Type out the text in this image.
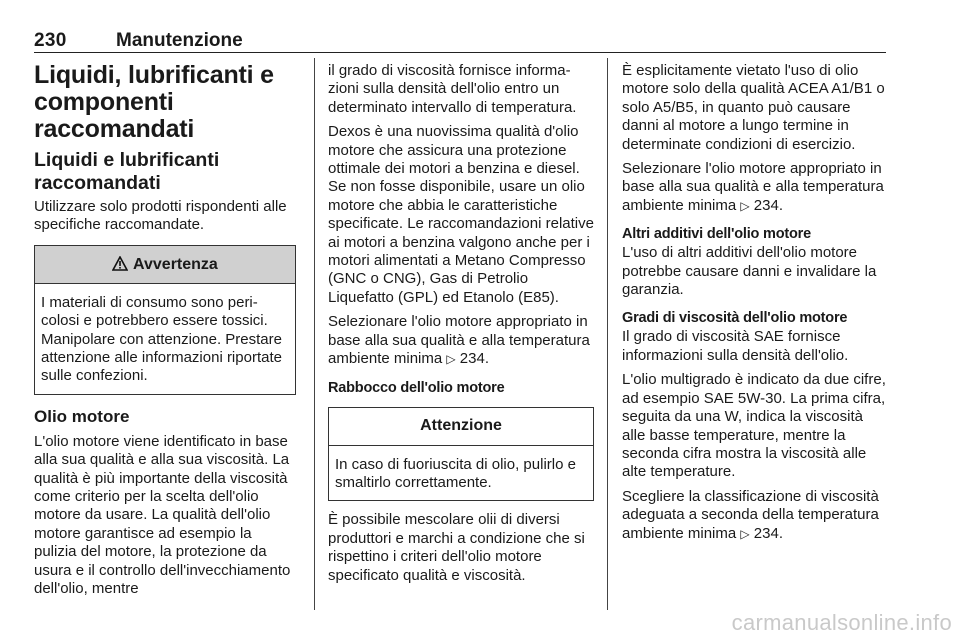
230	Manutenzione
Liquidi, lubrificanti e componenti raccomandati
Liquidi e lubrificanti raccomandati

Utilizzare solo prodotti rispondenti alle specifiche raccomandate.

Avvertenza

I materiali di consumo sono pericolosi e potrebbero essere tossici. Manipolare con attenzione. Prestare attenzione alle informazioni riportate sulle confezioni.

Olio motore

L'olio motore viene identificato in base alla sua qualità e alla sua viscosità. La qualità è più importante della viscosità come criterio per la scelta dell'olio motore da usare. La qualità dell'olio motore garantisce ad esempio la pulizia del motore, la protezione da usura e il controllo dell'invecchiamento dell'olio, mentre

il grado di viscosità fornisce informazioni sulla densità dell'olio entro un determinato intervallo di temperatura.

Dexos è una nuovissima qualità d'olio motore che assicura una protezione ottimale dei motori a benzina e diesel. Se non fosse disponibile, usare un olio motore che abbia le caratteristiche specificate. Le raccomandazioni relative ai motori a benzina valgono anche per i motori alimentati a Metano Compresso (GNC o CNG), Gas di Petrolio Liquefatto (GPL) ed Etanolo (E85).

Selezionare l'olio motore appropriato in base alla sua qualità e alla temperatura ambiente minima ▷ 234.

Rabbocco dell'olio motore
Attenzione

In caso di fuoriuscita di olio, pulirlo e smaltirlo correttamente.

È possibile mescolare olii di diversi produttori e marchi a condizione che si rispettino i criteri dell'olio motore specificato qualità e viscosità.

È esplicitamente vietato l'uso di olio motore solo della qualità ACEA A1/B1 o solo A5/B5, in quanto può causare danni al motore a lungo termine in determinate condizioni di esercizio.

Selezionare l'olio motore appropriato in base alla sua qualità e alla temperatura ambiente minima ▷ 234.

Altri additivi dell'olio motore

L'uso di altri additivi dell'olio motore potrebbe causare danni e invalidare la garanzia.

Gradi di viscosità dell'olio motore

Il grado di viscosità SAE fornisce informazioni sulla densità dell'olio.

L'olio multigrado è indicato da due cifre, ad esempio SAE 5W-30. La prima cifra, seguita da una W, indica la viscosità alle basse temperature, mentre la seconda cifra mostra la viscosità alle alte temperature.

Scegliere la classificazione di viscosità adeguata a seconda della temperatura ambiente minima ▷ 234.

carmanualsonline.info
